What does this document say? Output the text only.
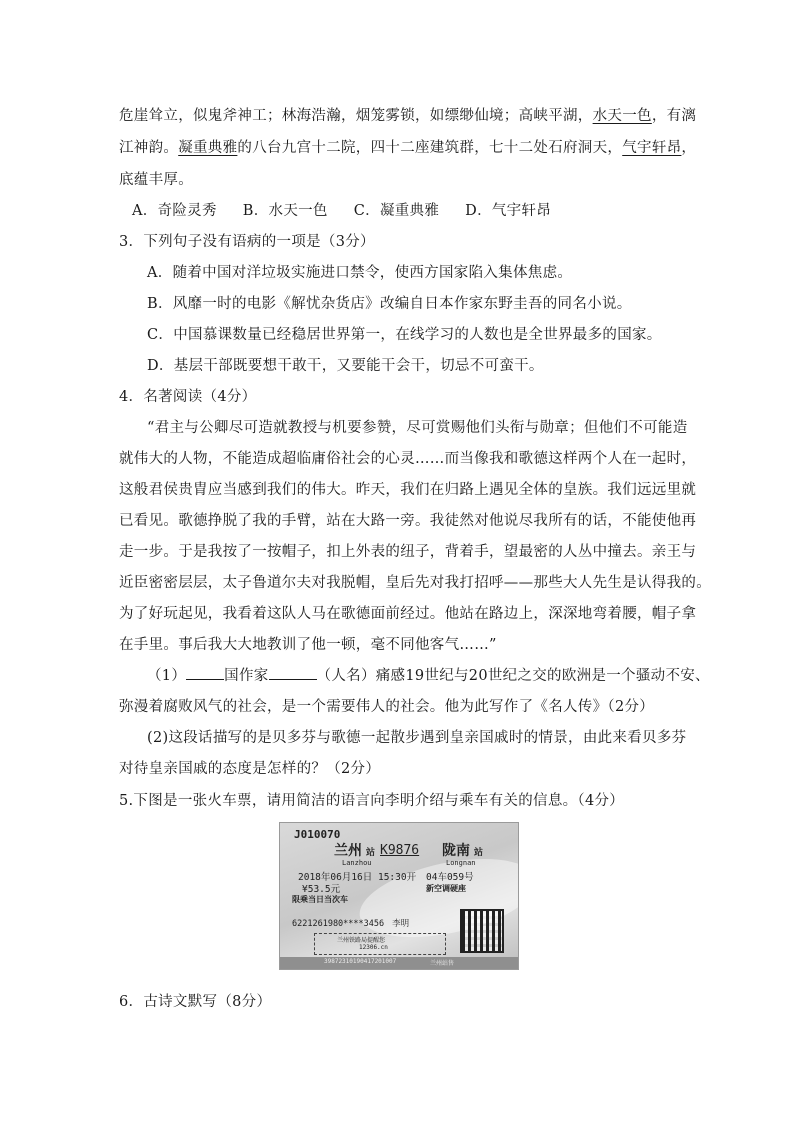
危崖耸立，似鬼斧神工；林海浩瀚，烟笼雾锁，如缥缈仙境；高峡平湖，水天一色，有漓
江神韵。凝重典雅的八台九宫十二院，四十二座建筑群，七十二处石府洞天，气宇轩昂，
底蕴丰厚。
A．奇险灵秀 B．水天一色 C．凝重典雅 D．气宇轩昂
3．下列句子没有语病的一项是（3分）
A．随着中国对洋垃圾实施进口禁令，使西方国家陷入集体焦虑。
B．风靡一时的电影《解忧杂货店》改编自日本作家东野圭吾的同名小说。
C．中国慕课数量已经稳居世界第一，在线学习的人数也是全世界最多的国家。
D．基层干部既要想干敢干，又要能干会干，切忌不可蛮干。
4．名著阅读（4分）
“君主与公卿尽可造就教授与机要参赞，尽可赏赐他们头衔与勋章；但他们不可能造
就伟大的人物，不能造成超临庸俗社会的心灵……而当像我和歌德这样两个人在一起时，
这般君侯贵胄应当感到我们的伟大。昨天，我们在归路上遇见全体的皇族。我们远远里就
已看见。歌德挣脱了我的手臂，站在大路一旁。我徒然对他说尽我所有的话，不能使他再
走一步。于是我按了一按帽子，扣上外表的纽子，背着手，望最密的人丛中撞去。亲王与
近臣密密层层，太子鲁道尔夫对我脱帽，皇后先对我打招呼——那些大人先生是认得我的。
为了好玩起见，我看着这队人马在歌德面前经过。他站在路边上，深深地弯着腰，帽子拿
在手里。事后我大大地教训了他一顿，毫不同他客气……”
（1）	国作家	（人名）痛感19世纪与20世纪之交的欧洲是一个骚动不安、
弥漫着腐败风气的社会，是一个需要伟人的社会。他为此写作了《名人传》（2分）
(2)这段话描写的是贝多芬与歌德一起散步遇到皇亲国戚时的情景，由此来看贝多芬
对待皇亲国戚的态度是怎样的？（2分）
5.下图是一张火车票，请用简洁的语言向李明介绍与乘车有关的信息。（4分）
J010070
兰州 站 K9876 陇南 站
Lanzhou	Longnan
2018年06月16日 15:30开 04车059号
¥53.5元	新空调硬座
限乘当日当次车
6221261980****3456 李明
兰州铁路局提醒您
12306.cn
39872310190417201007	兰州站售
6．古诗文默写（8分）
